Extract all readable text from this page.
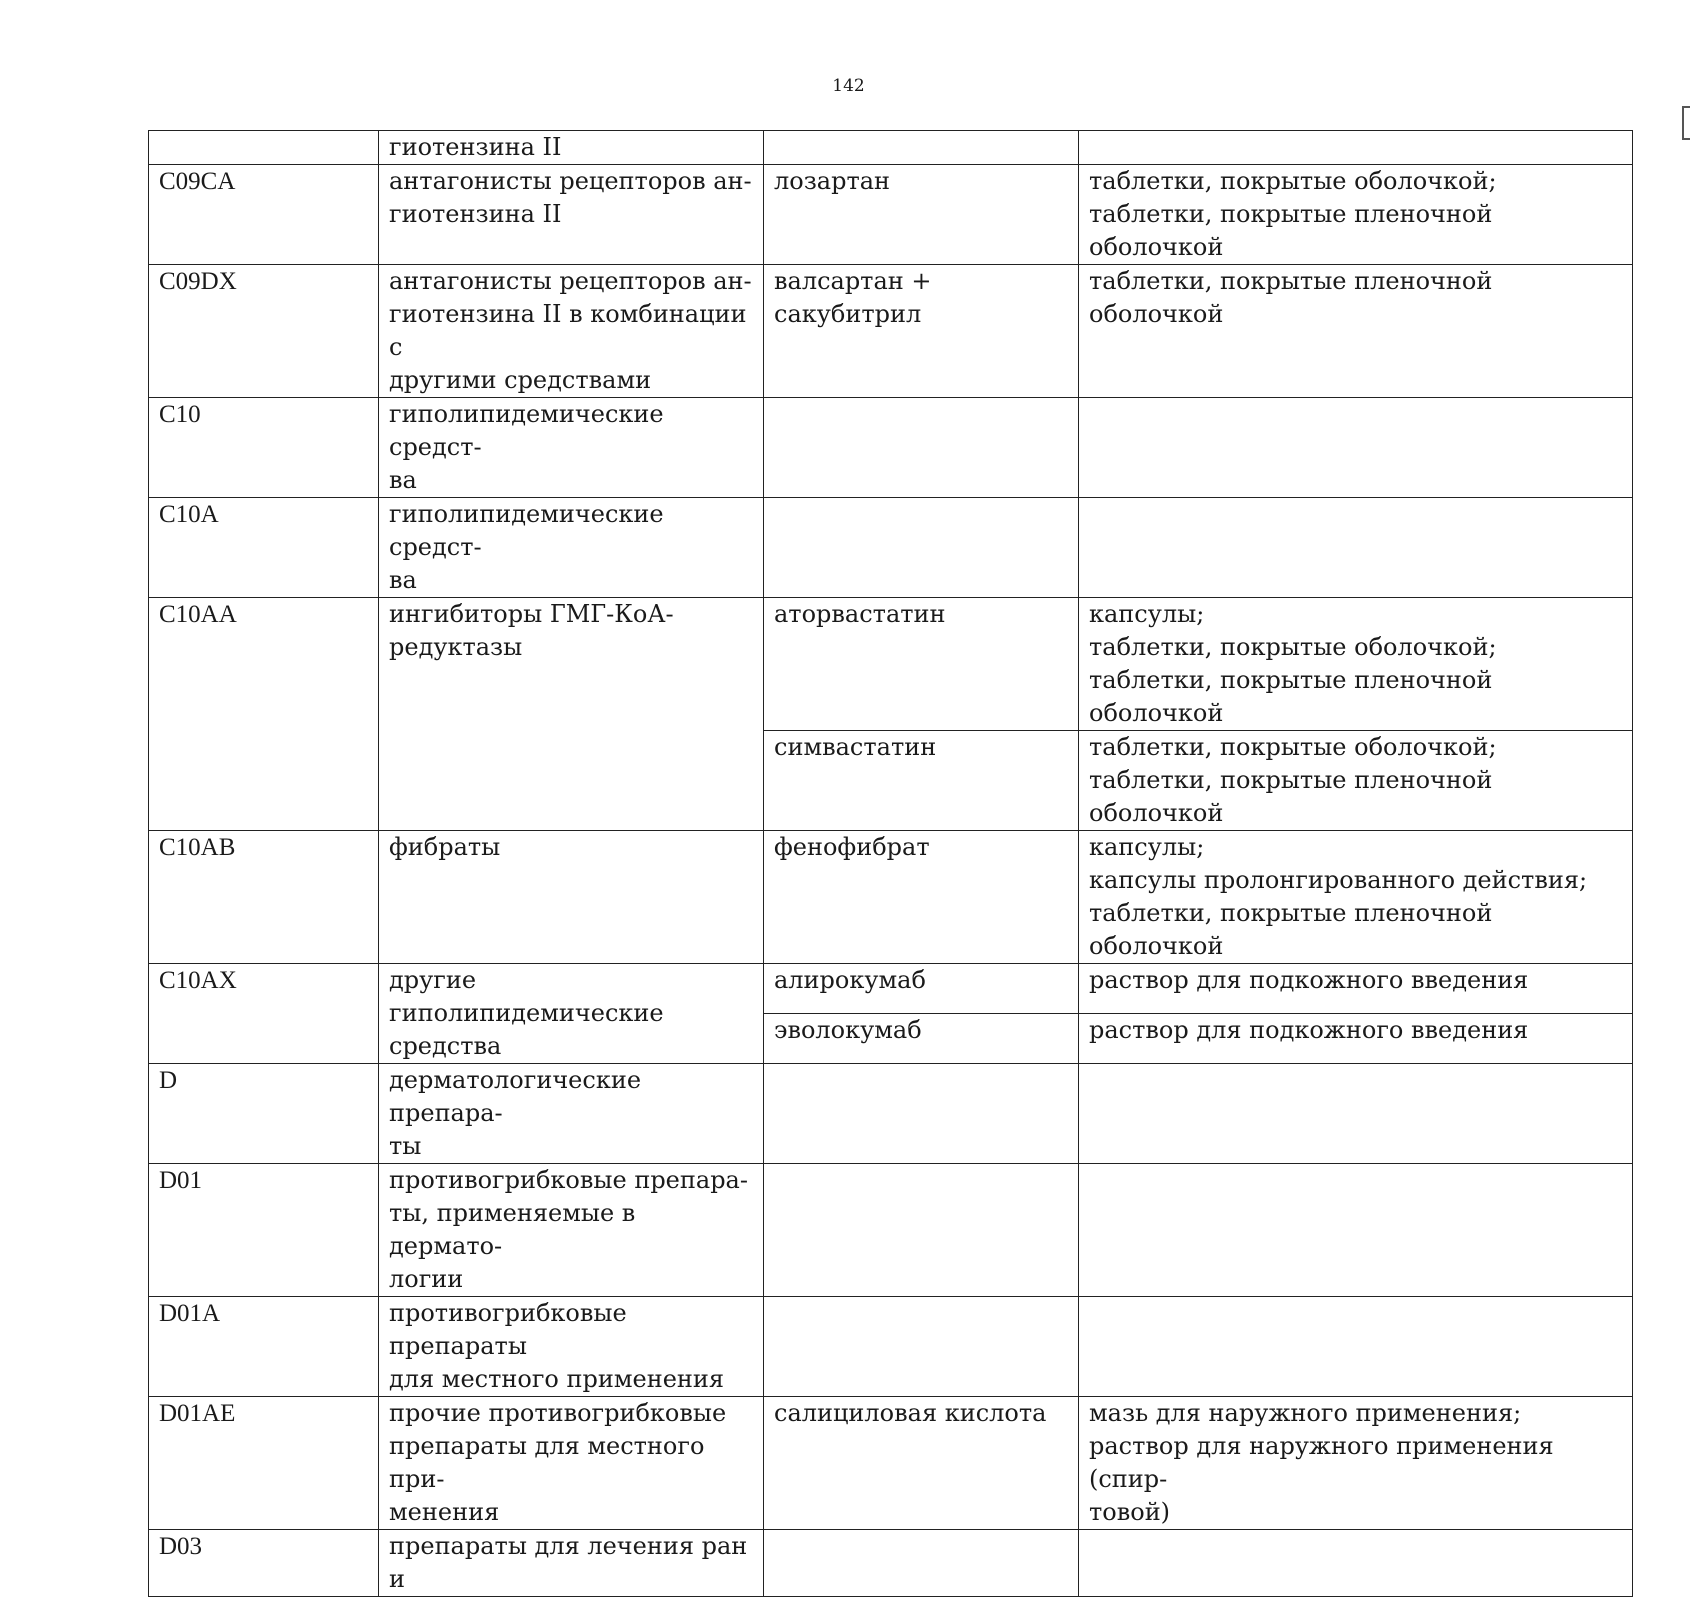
142
	гиотензина II		
C09CA	антагонисты рецепторов ан-
гиотензина II	лозартан	таблетки, покрытые оболочкой;
таблетки, покрытые пленочной оболочкой
C09DX	антагонисты рецепторов ан-
гиотензина II в комбинации с
другими средствами	валсартан + сакубитрил	таблетки, покрытые пленочной оболочкой
C10	гиполипидемические средст-
ва		
C10A	гиполипидемические средст-
ва		
C10AA	ингибиторы ГМГ-КоА-
редуктазы	аторвастатин	капсулы;
таблетки, покрытые оболочкой;
таблетки, покрытые пленочной оболочкой
		симвастатин	таблетки, покрытые оболочкой;
таблетки, покрытые пленочной оболочкой
C10AB	фибраты	фенофибрат	капсулы;
капсулы пролонгированного действия;
таблетки, покрытые пленочной оболочкой
C10AX	другие гиполипидемические
средства	алирокумаб	раствор для подкожного введения
		эволокумаб	раствор для подкожного введения
D	дерматологические препара-
ты		
D01	противогрибковые препара-
ты, применяемые в дермато-
логии		
D01A	противогрибковые препараты
для местного применения		
D01AE	прочие противогрибковые
препараты для местного при-
менения	салициловая кислота	мазь для наружного применения;
раствор для наружного применения (спир-
товой)
D03	препараты для лечения ран и		
